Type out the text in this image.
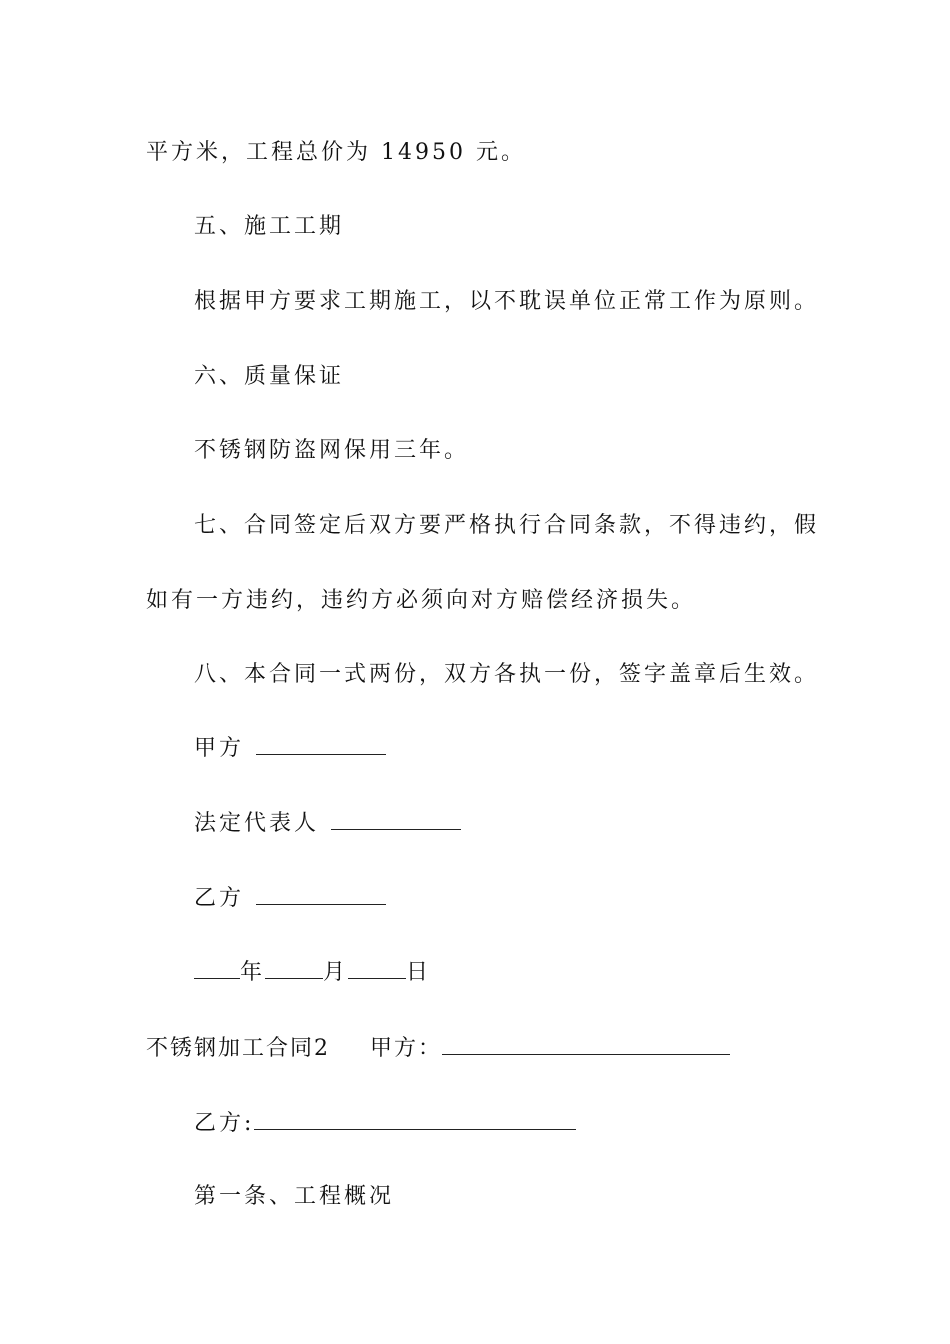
平方米，工程总价为 14950 元。
五、施工工期
根据甲方要求工期施工，以不耽误单位正常工作为原则。
六、质量保证
不锈钢防盗网保用三年。
七、合同签定后双方要严格执行合同条款，不得违约，假
如有一方违约，违约方必须向对方赔偿经济损失。
八、本合同一式两份，双方各执一份，签字盖章后生效。
甲方
法定代表人
乙方
年	月	日
不锈钢加工合同2 甲方：
乙方:
第一条、工程概况
